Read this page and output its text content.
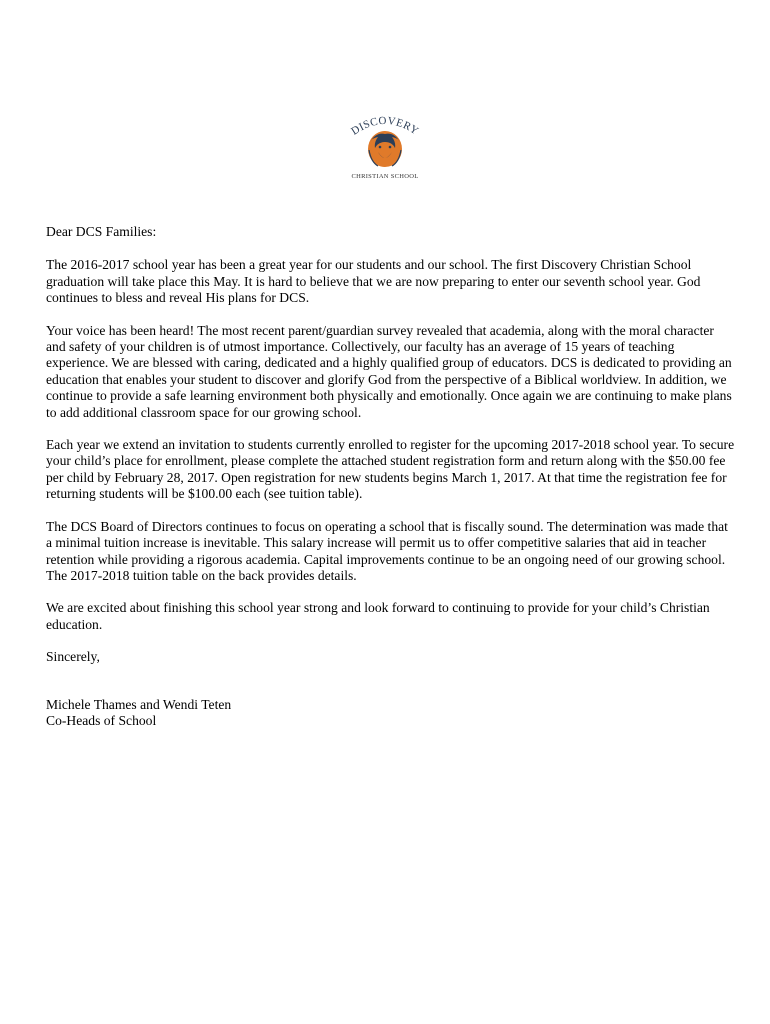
DISCOVERY
CHRISTIAN SCHOOL

Dear DCS Families:

The 2016-2017 school year has been a great year for our students and our school. The first Discovery Christian School graduation will take place this May. It is hard to believe that we are now preparing to enter our seventh school year. God continues to bless and reveal His plans for DCS.

Your voice has been heard! The most recent parent/guardian survey revealed that academia, along with the moral character and safety of your children is of utmost importance. Collectively, our faculty has an average of 15 years of teaching experience. We are blessed with caring, dedicated and a highly qualified group of educators. DCS is dedicated to providing an education that enables your student to discover and glorify God from the perspective of a Biblical worldview. In addition, we continue to provide a safe learning environment both physically and emotionally. Once again we are continuing to make plans to add additional classroom space for our growing school.

Each year we extend an invitation to students currently enrolled to register for the upcoming 2017-2018 school year. To secure your child’s place for enrollment, please complete the attached student registration form and return along with the $50.00 fee per child by February 28, 2017. Open registration for new students begins March 1, 2017. At that time the registration fee for returning students will be $100.00 each (see tuition table).

The DCS Board of Directors continues to focus on operating a school that is fiscally sound. The determination was made that a minimal tuition increase is inevitable. This salary increase will permit us to offer competitive salaries that aid in teacher retention while providing a rigorous academia. Capital improvements continue to be an ongoing need of our growing school. The 2017-2018 tuition table on the back provides details.

We are excited about finishing this school year strong and look forward to continuing to provide for your child’s Christian education.

Sincerely,

Michele Thames and Wendi Teten

Co-Heads of School
